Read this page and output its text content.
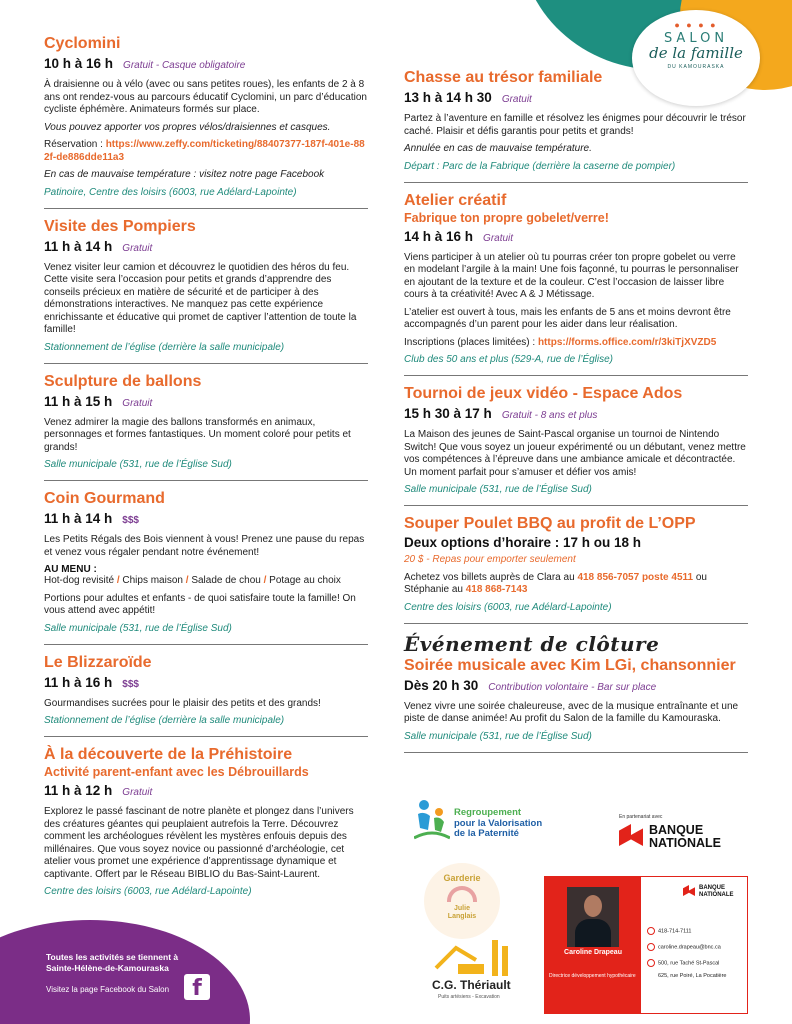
● ● ● ●
SALON
de la famille
DU KAMOURASKA
Cyclomini
10 h à 16 h Gratuit - Casque obligatoire

À draisienne ou à vélo (avec ou sans petites roues), les enfants de 2 à 8 ans ont rendez-vous au parcours éducatif Cyclomini, un parc d’éducation cycliste éphémère. Animateurs formés sur place.

Vous pouvez apporter vos propres vélos/draisiennes et casques.

Réservation : https://www.zeffy.com/ticketing/88407377-187f-401e-882f-de886dde11a3

En cas de mauvaise température : visitez notre page Facebook

Patinoire, Centre des loisirs (6003, rue Adélard-Lapointe)
Visite des Pompiers
11 h à 14 h Gratuit

Venez visiter leur camion et découvrez le quotidien des héros du feu. Cette visite sera l’occasion pour petits et grands d’apprendre des conseils précieux en matière de sécurité et de participer à des démonstrations interactives. Ne manquez pas cette expérience enrichissante et éducative qui promet de captiver l’attention de toute la famille!

Stationnement de l’église (derrière la salle municipale)
Sculpture de ballons
11 h à 15 h Gratuit

Venez admirer la magie des ballons transformés en animaux, personnages et formes fantastiques. Un moment coloré pour petits et grands!

Salle municipale (531, rue de l’Église Sud)
Coin Gourmand
11 h à 14 h $$$

Les Petits Régals des Bois viennent à vous! Prenez une pause du repas et venez vous régaler pendant notre événement!

AU MENU :

Hot-dog revisité / Chips maison / Salade de chou / Potage au choix

Portions pour adultes et enfants - de quoi satisfaire toute la famille! On vous attend avec appétit!

Salle municipale (531, rue de l’Église Sud)
Le Blizzaroïde
11 h à 16 h $$$

Gourmandises sucrées pour le plaisir des petits et des grands!

Stationnement de l’église (derrière la salle municipale)
À la découverte de la Préhistoire
Activité parent-enfant avec les Débrouillards
11 h à 12 h Gratuit

Explorez le passé fascinant de notre planète et plongez dans l’univers des créatures géantes qui peuplaient autrefois la Terre. Découvrez comment les archéologues révèlent les mystères enfouis depuis des millénaires. Que vous soyez novice ou passionné d’archéologie, cet atelier vous promet une expérience d’apprentissage dynamique et captivante. Offert par le Réseau BIBLIO du Bas-Saint-Laurent.

Centre des loisirs (6003, rue Adélard-Lapointe)
Chasse au trésor familiale
13 h à 14 h 30 Gratuit

Partez à l’aventure en famille et résolvez les énigmes pour découvrir le trésor caché. Plaisir et défis garantis pour petits et grands!

Annulée en cas de mauvaise température.

Départ : Parc de la Fabrique (derrière la caserne de pompier)
Atelier créatif
Fabrique ton propre gobelet/verre!
14 h à 16 h Gratuit

Viens participer à un atelier où tu pourras créer ton propre gobelet ou verre en modelant l’argile à la main! Une fois façonné, tu pourras le personnaliser en ajoutant de la texture et de la couleur. C’est l’occasion de laisser libre cours à ta créativité! Avec A & J Métissage.

L’atelier est ouvert à tous, mais les enfants de 5 ans et moins devront être accompagnés d’un parent pour les aider dans leur réalisation.

Inscriptions (places limitées) : https://forms.office.com/r/3kiTjXVZD5

Club des 50 ans et plus (529-A, rue de l’Église)
Tournoi de jeux vidéo - Espace Ados
15 h 30 à 17 h Gratuit - 8 ans et plus

La Maison des jeunes de Saint-Pascal organise un tournoi de Nintendo Switch! Que vous soyez un joueur expérimenté ou un débutant, venez mettre vos compétences à l’épreuve dans une ambiance amicale et décontractée. Un moment parfait pour s’amuser et défier vos amis!

Salle municipale (531, rue de l’Église Sud)
Souper Poulet BBQ au profit de L’OPP
Deux options d’horaire : 17 h ou 18 h

20 $ - Repas pour emporter seulement

Achetez vos billets auprès de Clara au 418 856-7057 poste 4511 ou Stéphanie au 418 868-7143

Centre des loisirs (6003, rue Adélard-Lapointe)
Événement de clôture
Soirée musicale avec Kim LGi, chansonnier
Dès 20 h 30 Contribution volontaire - Bar sur place

Venez vivre une soirée chaleureuse, avec de la musique entraînante et une piste de danse animée! Au profit du Salon de la famille du Kamouraska.

Salle municipale (531, rue de l’Église Sud)
Regroupement
pour la Valorisation
de la Paternité
En partenariat avec
BANQUE
NATIONALE
Garderie
Julie
Langlais
C.G. Thériault
Puits artésiens - Excavation
Caroline Drapeau
Directrice développement hypothécaire
BANQUE
NATIONALE
418-714-7111
caroline.drapeau@bnc.ca
500, rue Taché St-Pascal
625, rue Poiré, La Pocatière
Toutes les activités se tiennent à
Sainte-Hélène-de-Kamouraska
Visitez la page Facebook du Salon	f
